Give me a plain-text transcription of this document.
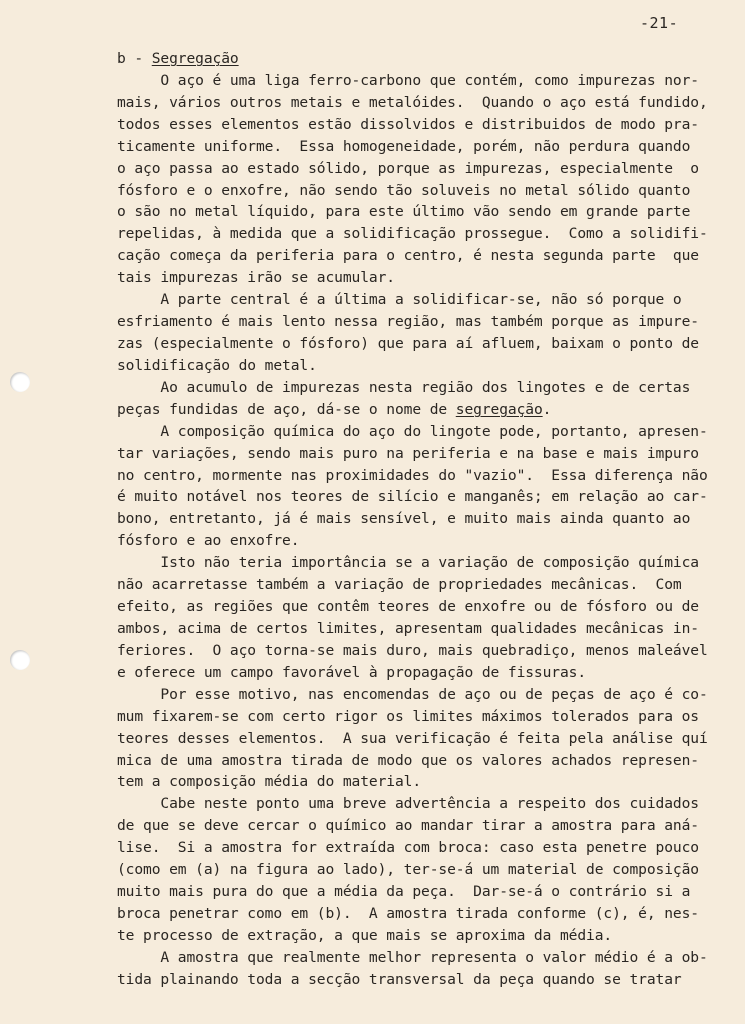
-21-
b - Segregação
O aço é uma liga ferro-carbono que contém, como impurezas nor-
mais, vários outros metais e metalóides.  Quando o aço está fundido,
todos esses elementos estão dissolvidos e distribuidos de modo pra-
ticamente uniforme.  Essa homogeneidade, porém, não perdura quando
o aço passa ao estado sólido, porque as impurezas, especialmente  o
fósforo e o enxofre, não sendo tão soluveis no metal sólido quanto
o são no metal líquido, para este último vão sendo em grande parte
repelidas, à medida que a solidificação prossegue.  Como a solidifi-
cação começa da periferia para o centro, é nesta segunda parte  que
tais impurezas irão se acumular.
A parte central é a última a solidificar-se, não só porque o
esfriamento é mais lento nessa região, mas também porque as impure-
zas (especialmente o fósforo) que para aí afluem, baixam o ponto de
solidificação do metal.
Ao acumulo de impurezas nesta região dos lingotes e de certas
peças fundidas de aço, dá-se o nome de segregação.
A composição química do aço do lingote pode, portanto, apresen-
tar variações, sendo mais puro na periferia e na base e mais impuro
no centro, mormente nas proximidades do "vazio".  Essa diferença não
é muito notável nos teores de silício e manganês; em relação ao car-
bono, entretanto, já é mais sensível, e muito mais ainda quanto ao
fósforo e ao enxofre.
Isto não teria importância se a variação de composição química
não acarretasse também a variação de propriedades mecânicas.  Com
efeito, as regiões que contêm teores de enxofre ou de fósforo ou de
ambos, acima de certos limites, apresentam qualidades mecânicas in-
feriores.  O aço torna-se mais duro, mais quebradiço, menos maleável
e oferece um campo favorável à propagação de fissuras.
Por esse motivo, nas encomendas de aço ou de peças de aço é co-
mum fixarem-se com certo rigor os limites máximos tolerados para os
teores desses elementos.  A sua verificação é feita pela análise quí
mica de uma amostra tirada de modo que os valores achados represen-
tem a composição média do material.
Cabe neste ponto uma breve advertência a respeito dos cuidados
de que se deve cercar o químico ao mandar tirar a amostra para aná-
lise.  Si a amostra for extraída com broca: caso esta penetre pouco
(como em (a) na figura ao lado), ter-se-á um material de composição
muito mais pura do que a média da peça.  Dar-se-á o contrário si a
broca penetrar como em (b).  A amostra tirada conforme (c), é, nes-
te processo de extração, a que mais se aproxima da média.
A amostra que realmente melhor representa o valor médio é a ob-
tida plainando toda a secção transversal da peça quando se tratar
